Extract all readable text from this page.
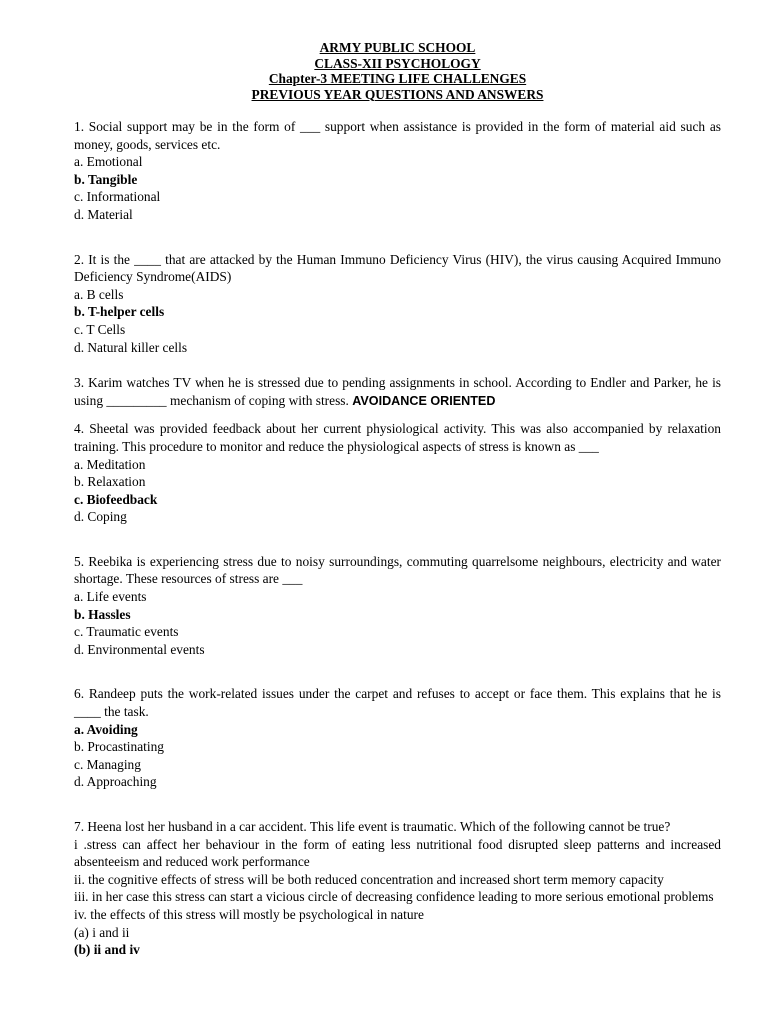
ARMY PUBLIC SCHOOL
CLASS-XII PSYCHOLOGY
Chapter-3 MEETING LIFE CHALLENGES
PREVIOUS YEAR QUESTIONS AND ANSWERS
1. Social support may be in the form of ___ support when assistance is provided in the form of material aid such as money, goods, services etc.
a. Emotional
b. Tangible
c. Informational
d. Material
2. It is the ____ that are attacked by the Human Immuno Deficiency Virus (HIV), the virus causing Acquired Immuno Deficiency Syndrome(AIDS)
a. B cells
b. T-helper cells
c. T Cells
d. Natural killer cells
3. Karim watches TV when he is stressed due to pending assignments in school. According to Endler and Parker, he is using _________ mechanism of coping with stress. AVOIDANCE ORIENTED
4. Sheetal was provided feedback about her current physiological activity. This was also accompanied by relaxation training. This procedure to monitor and reduce the physiological aspects of stress is known as ___
a. Meditation
b. Relaxation
c. Biofeedback
d. Coping
5. Reebika is experiencing stress due to noisy surroundings, commuting quarrelsome neighbours, electricity and water shortage. These resources of stress are ___
a. Life events
b. Hassles
c. Traumatic events
d. Environmental events
6. Randeep puts the work-related issues under the carpet and refuses to accept or face them. This explains that he is ____ the task.
a. Avoiding
b. Procastinating
c. Managing
d. Approaching
7. Heena lost her husband in a car accident. This life event is traumatic. Which of the following cannot be true?
i .stress can affect her behaviour in the form of eating less nutritional food disrupted sleep patterns and increased absenteeism and reduced work performance
ii. the cognitive effects of stress will be both reduced concentration and increased short term memory capacity
iii. in her case this stress can start a vicious circle of decreasing confidence leading to more serious emotional problems
iv. the effects of this stress will mostly be psychological in nature
(a) i and ii
(b) ii and iv
